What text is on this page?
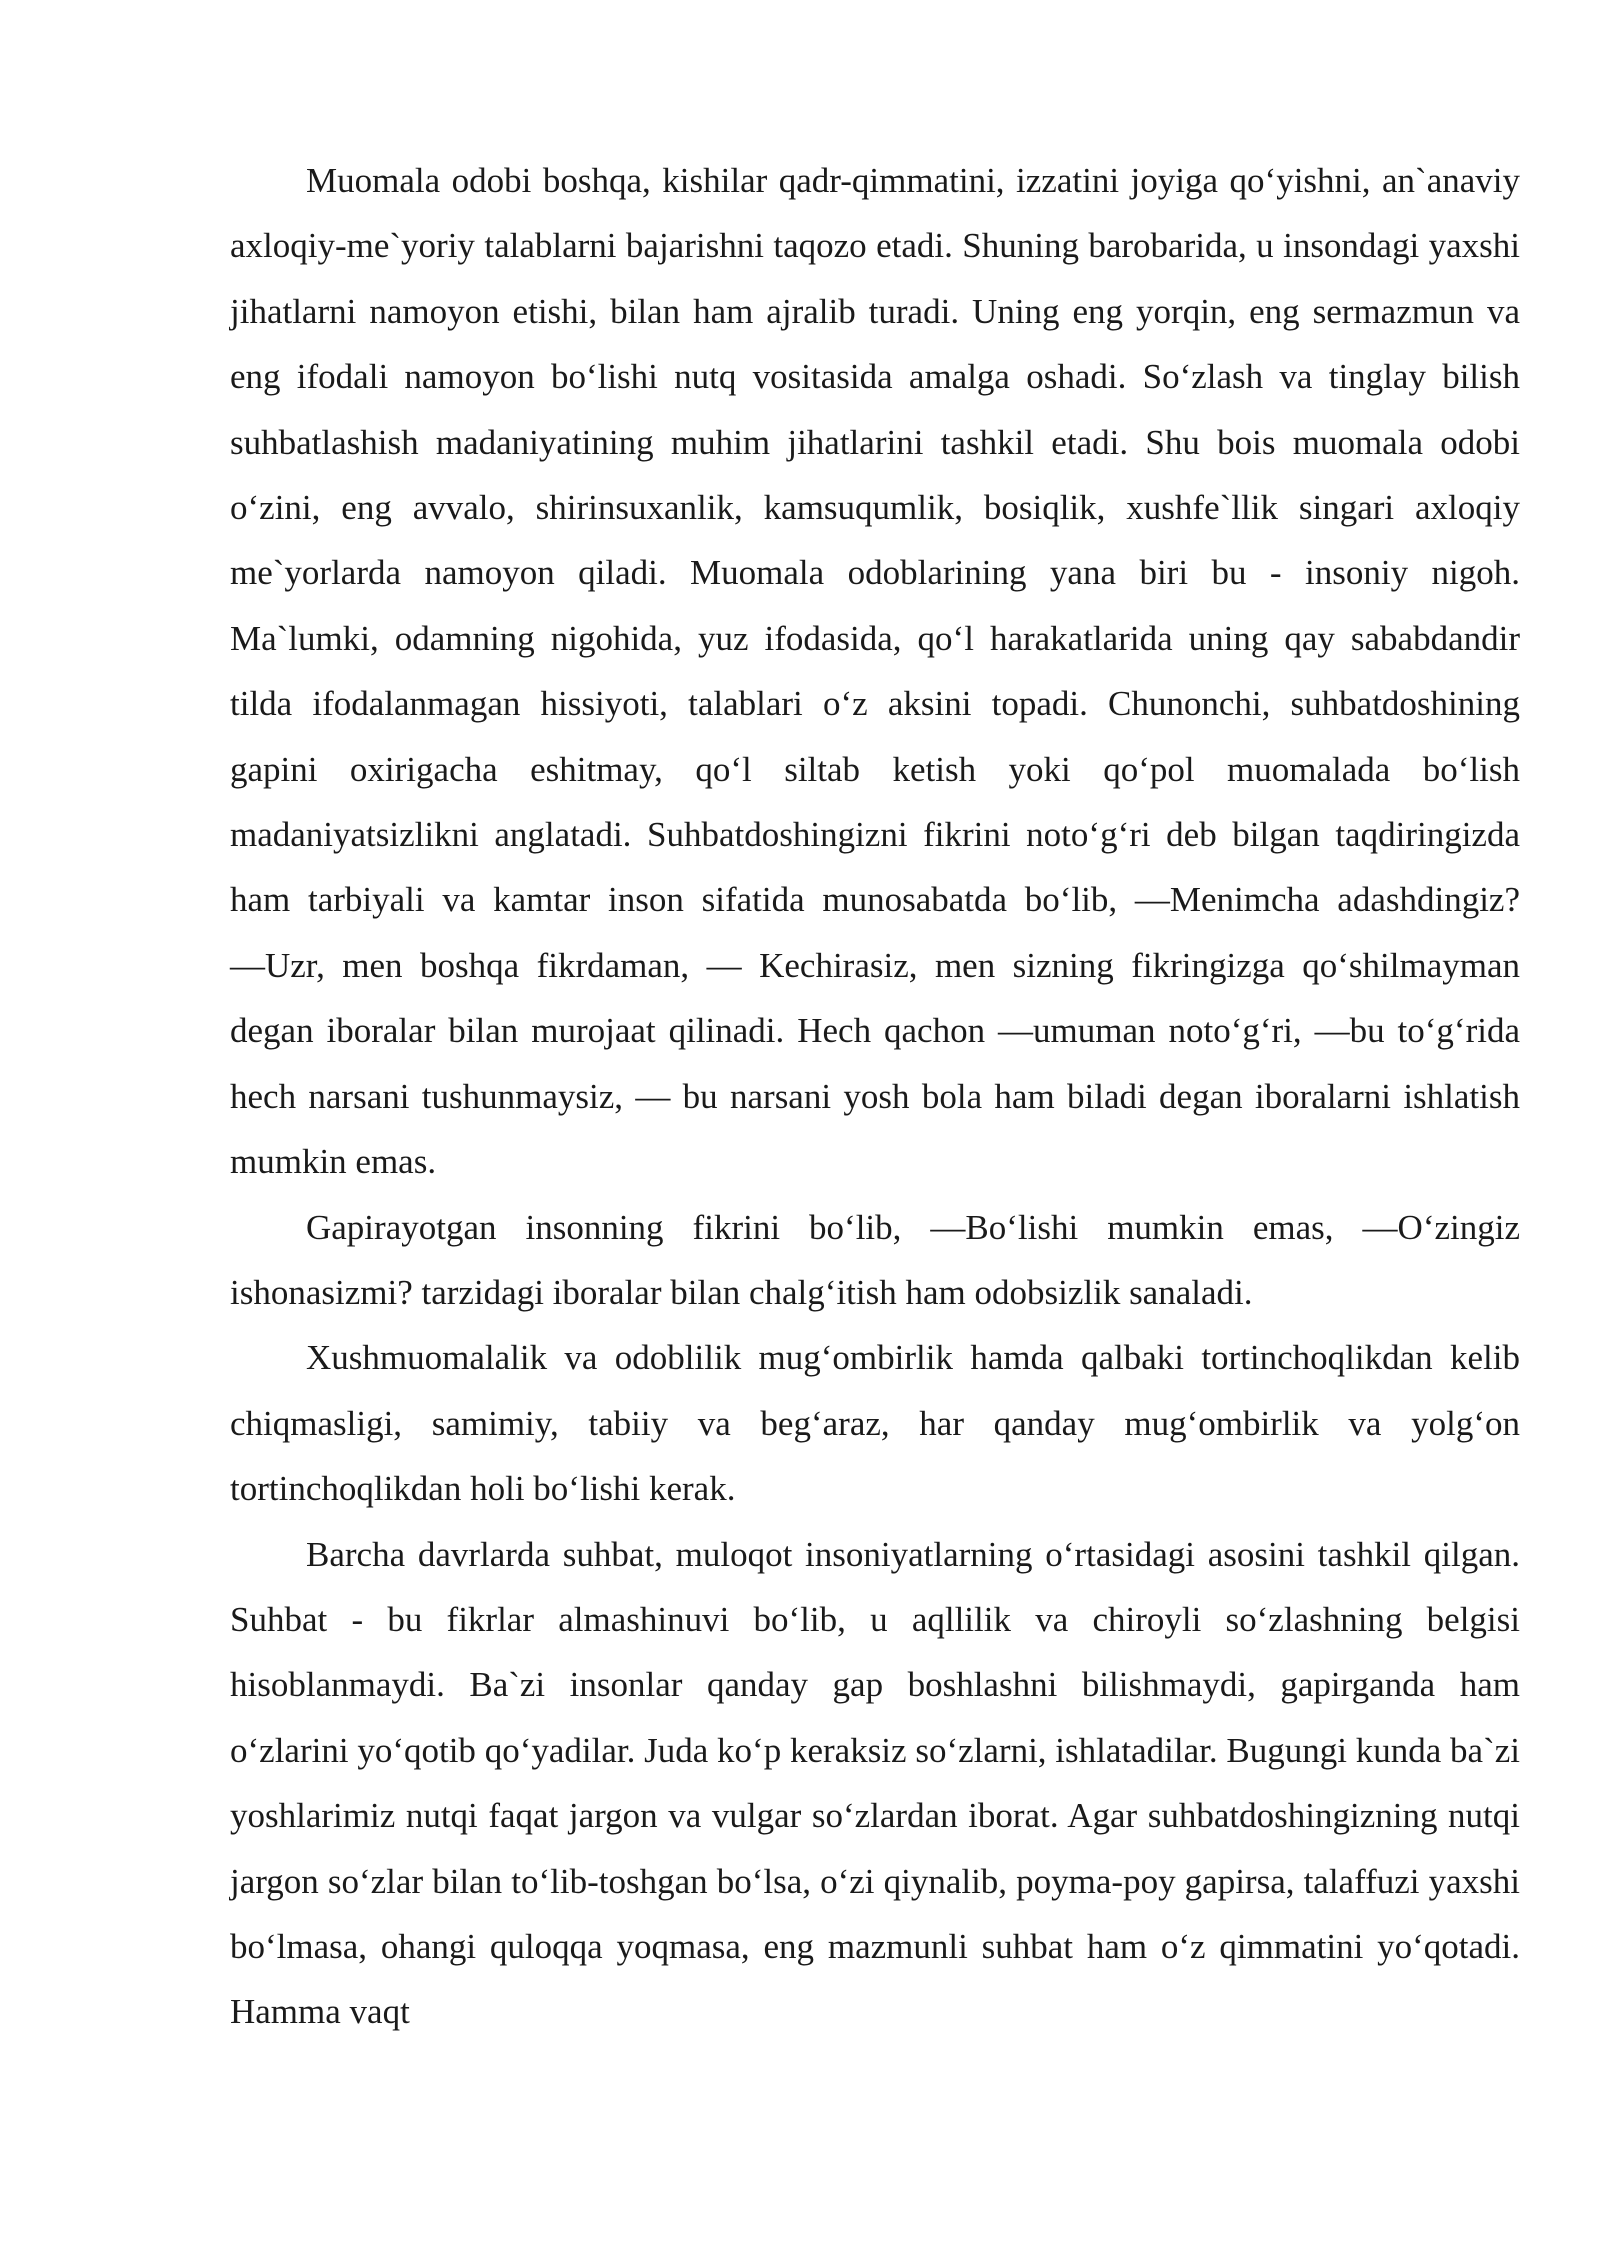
Muomala odobi boshqa, kishilar qadr-qimmatini, izzatini joyiga qo‘yishni, an`anaviy axloqiy-me`yoriy talablarni bajarishni taqozo etadi. Shuning barobarida, u insondagi yaxshi jihatlarni namoyon etishi, bilan ham ajralib turadi. Uning eng yorqin, eng sermazmun va eng ifodali namoyon bo‘lishi nutq vositasida amalga oshadi. So‘zlash va tinglay bilish suhbatlashish madaniyatining muhim jihatlarini tashkil etadi. Shu bois muomala odobi o‘zini, eng avvalo, shirinsuxanlik, kamsuqumlik, bosiqlik, xushfe`llik singari axloqiy me`yorlarda namoyon qiladi. Muomala odoblarining yana biri bu - insoniy nigoh. Ma`lumki, odamning nigohida, yuz ifodasida, qo‘l harakatlarida uning qay sababdandir tilda ifodalanmagan hissiyoti, talablari o‘z aksini topadi. Chunonchi, suhbatdoshining gapini oxirigacha eshitmay, qo‘l siltab ketish yoki qo‘pol muomalada bo‘lish madaniyatsizlikni anglatadi. Suhbatdoshingizni fikrini noto‘g‘ri deb bilgan taqdiringizda ham tarbiyali va kamtar inson sifatida munosabatda bo‘lib, ―Menimcha adashdingiz? ―Uzr, men boshqa fikrdaman, ― Kechirasiz, men sizning fikringizga qo‘shilmayman degan iboralar bilan murojaat qilinadi. Hech qachon ―umuman noto‘g‘ri, ―bu to‘g‘rida hech narsani tushunmaysiz, ― bu narsani yosh bola ham biladi degan iboralarni ishlatish mumkin emas.

Gapirayotgan insonning fikrini bo‘lib, ―Bo‘lishi mumkin emas, ―O‘zingiz ishonasizmi? tarzidagi iboralar bilan chalg‘itish ham odobsizlik sanaladi.

Xushmuomalalik va odoblilik mug‘ombirlik hamda qalbaki tortinchoqlikdan kelib chiqmasligi, samimiy, tabiiy va beg‘araz, har qanday mug‘ombirlik va yolg‘on tortinchoqlikdan holi bo‘lishi kerak.

Barcha davrlarda suhbat, muloqot insoniyatlarning o‘rtasidagi asosini tashkil qilgan. Suhbat - bu fikrlar almashinuvi bo‘lib, u aqllilik va chiroyli so‘zlashning belgisi hisoblanmaydi. Ba`zi insonlar qanday gap boshlashni bilishmaydi, gapirganda ham o‘zlarini yo‘qotib qo‘yadilar. Juda ko‘p keraksiz so‘zlarni, ishlatadilar. Bugungi kunda ba`zi yoshlarimiz nutqi faqat jargon va vulgar so‘zlardan iborat. Agar suhbatdoshingizning nutqi jargon so‘zlar bilan to‘lib-toshgan bo‘lsa, o‘zi qiynalib, poyma-poy gapirsa, talaffuzi yaxshi bo‘lmasa, ohangi quloqqa yoqmasa, eng mazmunli suhbat ham o‘z qimmatini yo‘qotadi. Hamma vaqt
